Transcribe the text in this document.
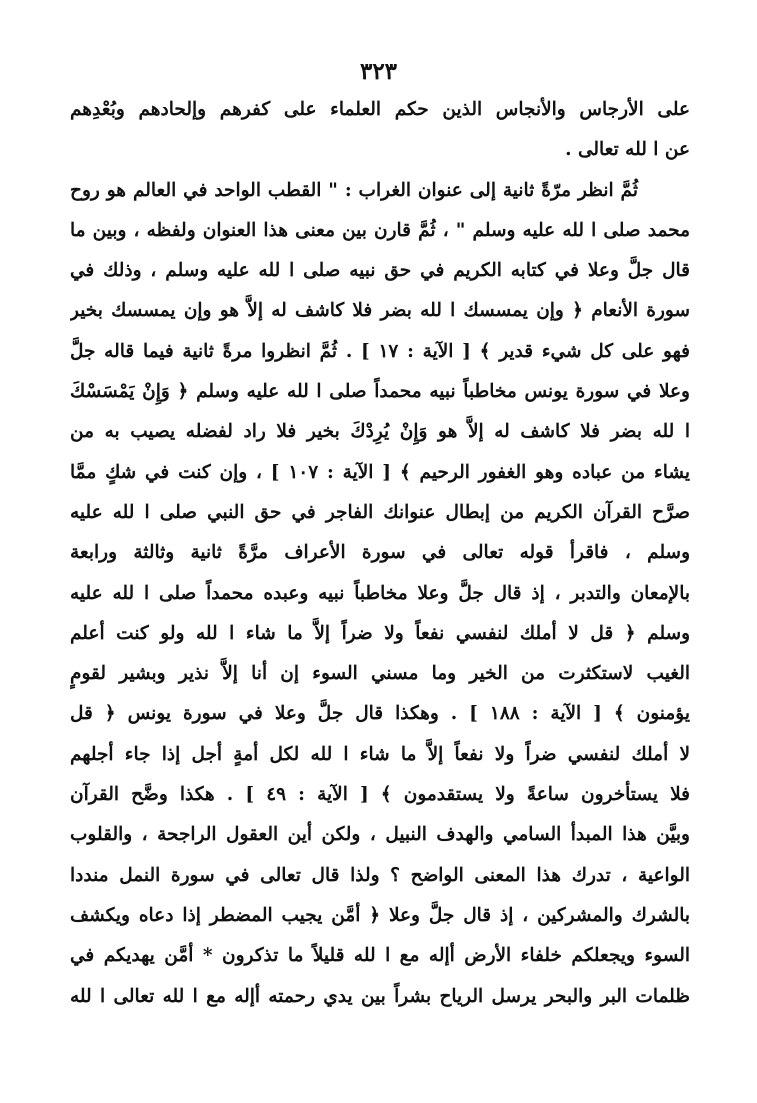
٣٢٣
على الأرجاس والأنجاس الذين حكم العلماء على كفرهم وإلحادهم وبُعْدِهم
عن ا لله تعالى .
ثُمَّ انظر مرّةً ثانية إلى عنوان الغراب : " القطب الواحد في العالم هو روح
محمد صلى ا لله عليه وسلم " ، ثُمَّ قارن بين معنى هذا العنوان ولفظه ، وبين ما
قال جلَّ وعلا في كتابه الكريم في حق نبيه صلى ا لله عليه وسلم ، وذلك في
سورة الأنعام ﴿ وإن يمسسك ا لله بضر فلا كاشف له إلاَّ هو وإن يمسسك بخير
فهو على كل شيء قدير ﴾ [ الآية : ١٧ ] . ثُمَّ انظروا مرةً ثانية فيما قاله جلَّ
وعلا في سورة يونس مخاطباً نبيه محمداً صلى ا لله عليه وسلم ﴿ وَإِنْ يَمْسَسْكَ
ا لله بضر فلا كاشف له إلاَّ هو وَإِنْ يُرِدْكَ بخير فلا راد لفضله يصيب به من
يشاء من عباده وهو الغفور الرحيم ﴾ [ الآية : ١٠٧ ] ، وإن كنت في شكٍ ممَّا
صرَّح القرآن الكريم من إبطال عنوانك الفاجر في حق النبي صلى ا لله عليه
وسلم ، فاقرأ قوله تعالى في سورة الأعراف مرَّةً ثانية وثالثة ورابعة
بالإمعان والتدبر ، إذ قال جلَّ وعلا مخاطباً نبيه وعبده محمداً صلى ا لله عليه
وسلم ﴿ قل لا أملك لنفسي نفعاً ولا ضراً إلاَّ ما شاء ا لله ولو كنت أعلم
الغيب لاستكثرت من الخير وما مسني السوء إن أنا إلاَّ نذير وبشير لقومٍ
يؤمنون ﴾ [ الآية : ١٨٨ ] . وهكذا قال جلَّ وعلا في سورة يونس ﴿ قل
لا أملك لنفسي ضراً ولا نفعاً إلاَّ ما شاء ا لله لكل أمةٍ أجل إذا جاء أجلهم
فلا يستأخرون ساعةً ولا يستقدمون ﴾ [ الآية : ٤٩ ] . هكذا وضَّح القرآن
وبيَّن هذا المبدأ السامي والهدف النبيل ، ولكن أين العقول الراجحة ، والقلوب
الواعية ، تدرك هذا المعنى الواضح ؟ ولذا قال تعالى في سورة النمل منددا
بالشرك والمشركين ، إذ قال جلَّ وعلا ﴿ أمَّن يجيب المضطر إذا دعاه ويكشف
السوء ويجعلكم خلفاء الأرض أإله مع ا لله قليلاً ما تذكرون * أمَّن يهديكم في
ظلمات البر والبحر يرسل الرياح بشراً بين يدي رحمته أإله مع ا لله تعالى ا لله
